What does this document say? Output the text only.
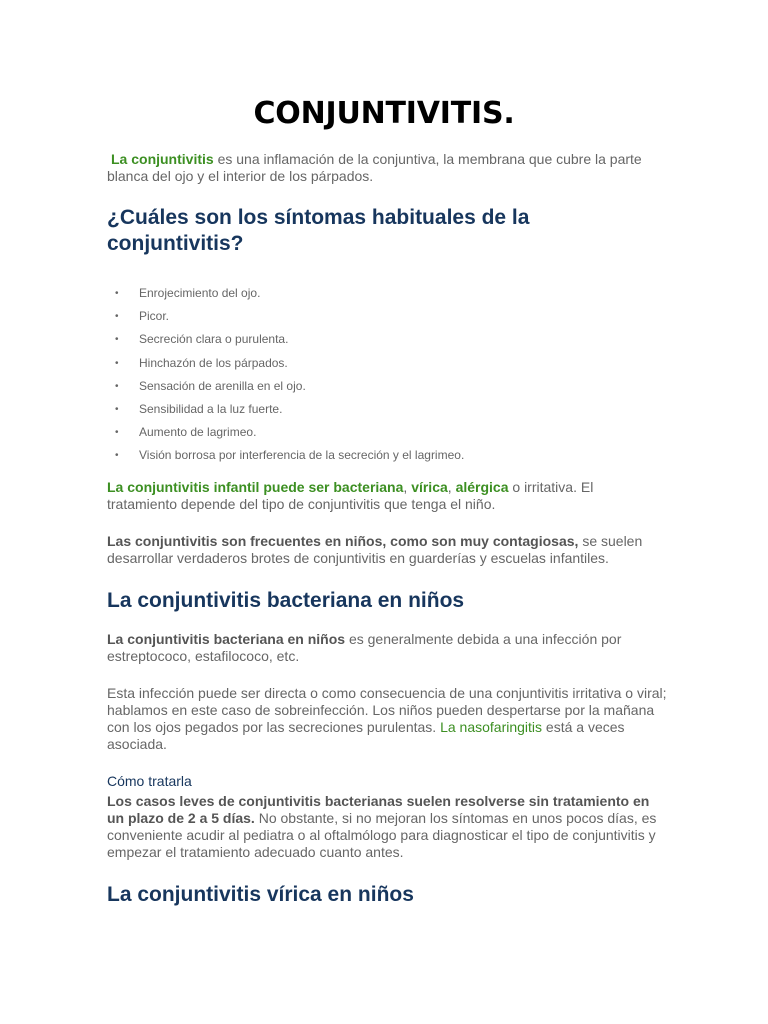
CONJUNTIVITIS.

La conjuntivitis es una inflamación de la conjuntiva, la membrana que cubre la parte blanca del ojo y el interior de los párpados.

¿Cuáles son los síntomas habituales de la conjuntivitis?
• Enrojecimiento del ojo.
• Picor.
• Secreción clara o purulenta.
• Hinchazón de los párpados.
• Sensación de arenilla en el ojo.
• Sensibilidad a la luz fuerte.
• Aumento de lagrimeo.
• Visión borrosa por interferencia de la secreción y el lagrimeo.

La conjuntivitis infantil puede ser bacteriana, vírica, alérgica o irritativa. El tratamiento depende del tipo de conjuntivitis que tenga el niño.

Las conjuntivitis son frecuentes en niños, como son muy contagiosas, se suelen desarrollar verdaderos brotes de conjuntivitis en guarderías y escuelas infantiles.

La conjuntivitis bacteriana en niños

La conjuntivitis bacteriana en niños es generalmente debida a una infección por estreptococo, estafilococo, etc.

Esta infección puede ser directa o como consecuencia de una conjuntivitis irritativa o viral; hablamos en este caso de sobreinfección. Los niños pueden despertarse por la mañana con los ojos pegados por las secreciones purulentas. La nasofaringitis está a veces asociada.

Cómo tratarla

Los casos leves de conjuntivitis bacterianas suelen resolverse sin tratamiento en un plazo de 2 a 5 días. No obstante, si no mejoran los síntomas en unos pocos días, es conveniente acudir al pediatra o al oftalmólogo para diagnosticar el tipo de conjuntivitis y empezar el tratamiento adecuado cuanto antes.

La conjuntivitis vírica en niños
